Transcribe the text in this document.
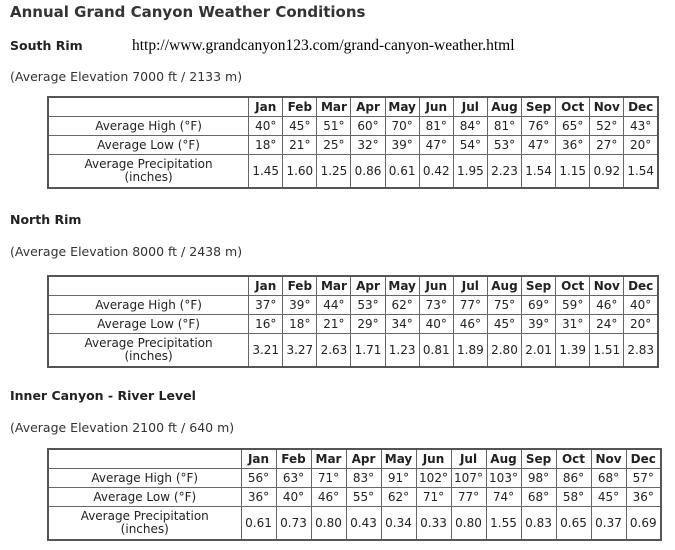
Annual Grand Canyon Weather Conditions
http://www.grandcanyon123.com/grand-canyon-weather.html
South Rim
(Average Elevation 7000 ft / 2133 m)
	Jan	Feb	Mar	Apr	May	Jun	Jul	Aug	Sep	Oct	Nov	Dec
Average High (°F)	40°	45°	51°	60°	70°	81°	84°	81°	76°	65°	52°	43°
Average Low (°F)	18°	21°	25°	32°	39°	47°	54°	53°	47°	36°	27°	20°

Average Precipitation
(inches)	1.45	1.60	1.25	0.86	0.61	0.42	1.95	2.23	1.54	1.15	0.92	1.54
North Rim
(Average Elevation 8000 ft / 2438 m)
	Jan	Feb	Mar	Apr	May	Jun	Jul	Aug	Sep	Oct	Nov	Dec
Average High (°F)	37°	39°	44°	53°	62°	73°	77°	75°	69°	59°	46°	40°
Average Low (°F)	16°	18°	21°	29°	34°	40°	46°	45°	39°	31°	24°	20°

Average Precipitation
(inches)	3.21	3.27	2.63	1.71	1.23	0.81	1.89	2.80	2.01	1.39	1.51	2.83
Inner Canyon - River Level
(Average Elevation 2100 ft / 640 m)
	Jan	Feb	Mar	Apr	May	Jun	Jul	Aug	Sep	Oct	Nov	Dec
Average High (°F)	56°	63°	71°	83°	91°	102°	107°	103°	98°	86°	68°	57°
Average Low (°F)	36°	40°	46°	55°	62°	71°	77°	74°	68°	58°	45°	36°

Average Precipitation
(inches)	0.61	0.73	0.80	0.43	0.34	0.33	0.80	1.55	0.83	0.65	0.37	0.69
